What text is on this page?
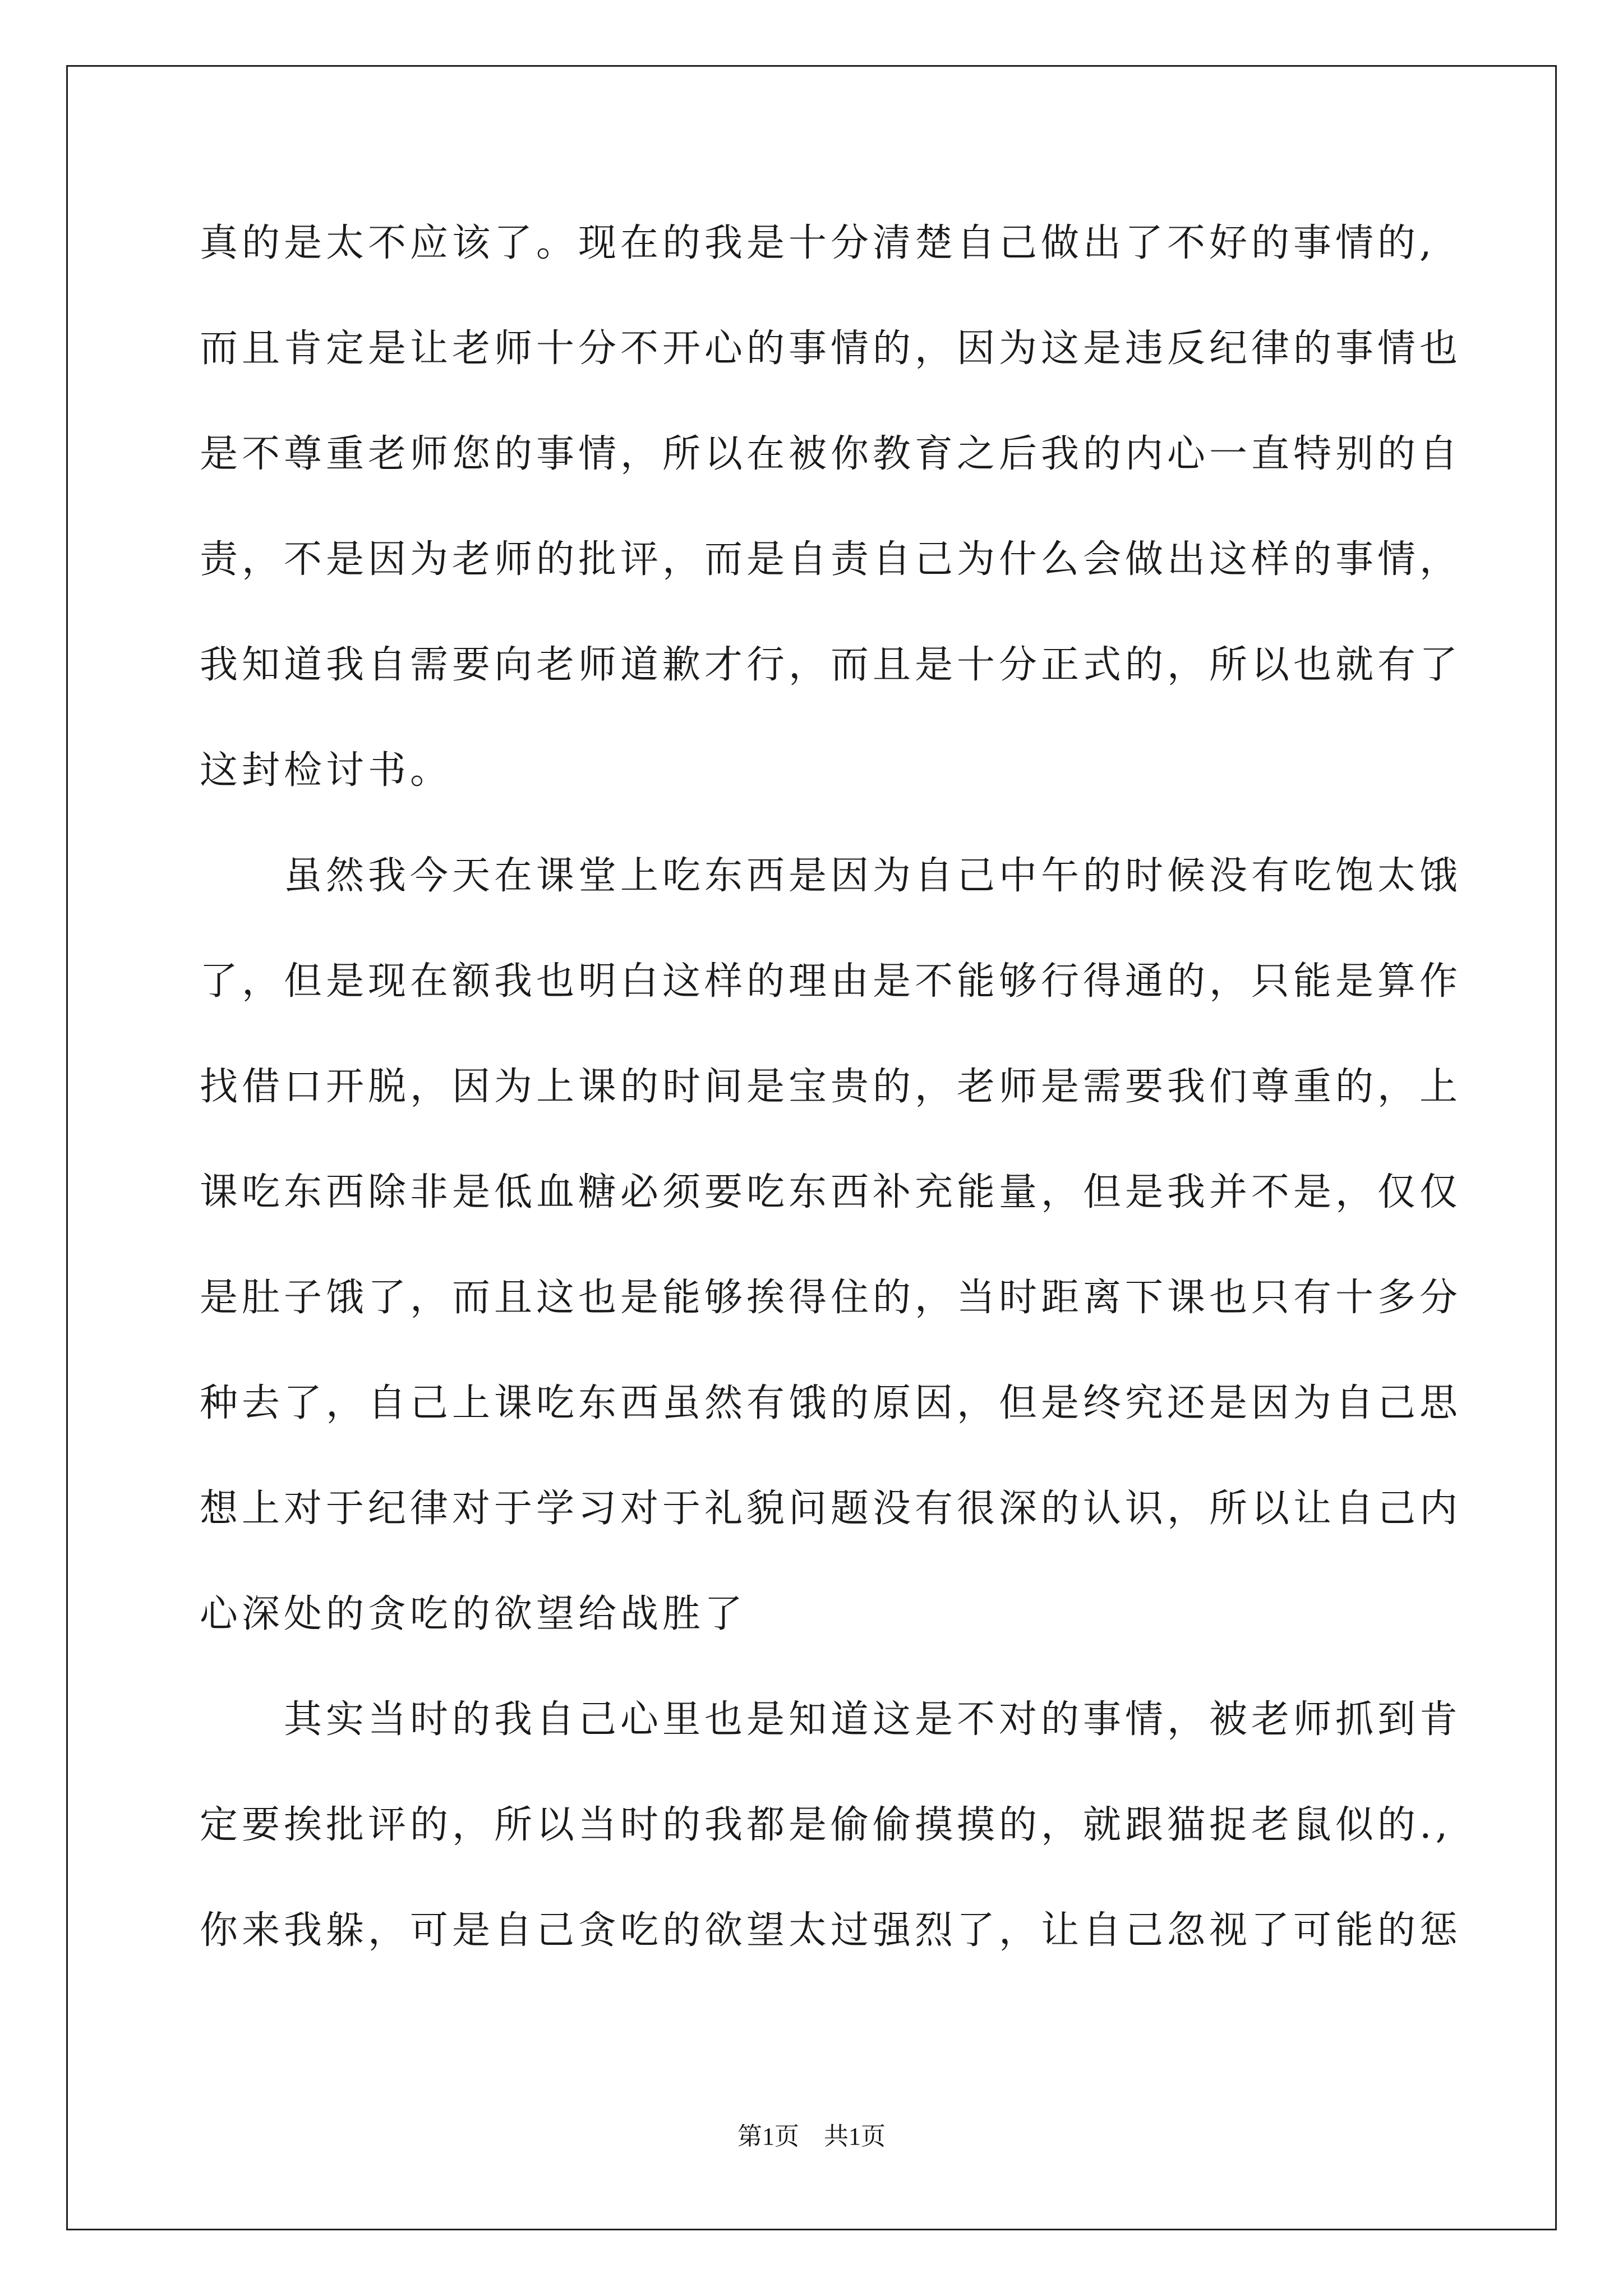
真的是太不应该了。现在的我是十分清楚自己做出了不好的事情的,
而且肯定是让老师十分不开心的事情的，因为这是违反纪律的事情也
是不尊重老师您的事情，所以在被你教育之后我的内心一直特别的自
责，不是因为老师的批评，而是自责自己为什么会做出这样的事情，
我知道我自需要向老师道歉才行，而且是十分正式的，所以也就有了
这封检讨书。
虽然我今天在课堂上吃东西是因为自己中午的时候没有吃饱太饿
了，但是现在额我也明白这样的理由是不能够行得通的，只能是算作
找借口开脱，因为上课的时间是宝贵的，老师是需要我们尊重的，上
课吃东西除非是低血糖必须要吃东西补充能量，但是我并不是，仅仅
是肚子饿了，而且这也是能够挨得住的，当时距离下课也只有十多分
种去了，自己上课吃东西虽然有饿的原因，但是终究还是因为自己思
想上对于纪律对于学习对于礼貌问题没有很深的认识，所以让自己内
心深处的贪吃的欲望给战胜了
其实当时的我自己心里也是知道这是不对的事情，被老师抓到肯
定要挨批评的，所以当时的我都是偷偷摸摸的，就跟猫捉老鼠似的.,
你来我躲，可是自己贪吃的欲望太过强烈了，让自己忽视了可能的惩
第1页　共1页
